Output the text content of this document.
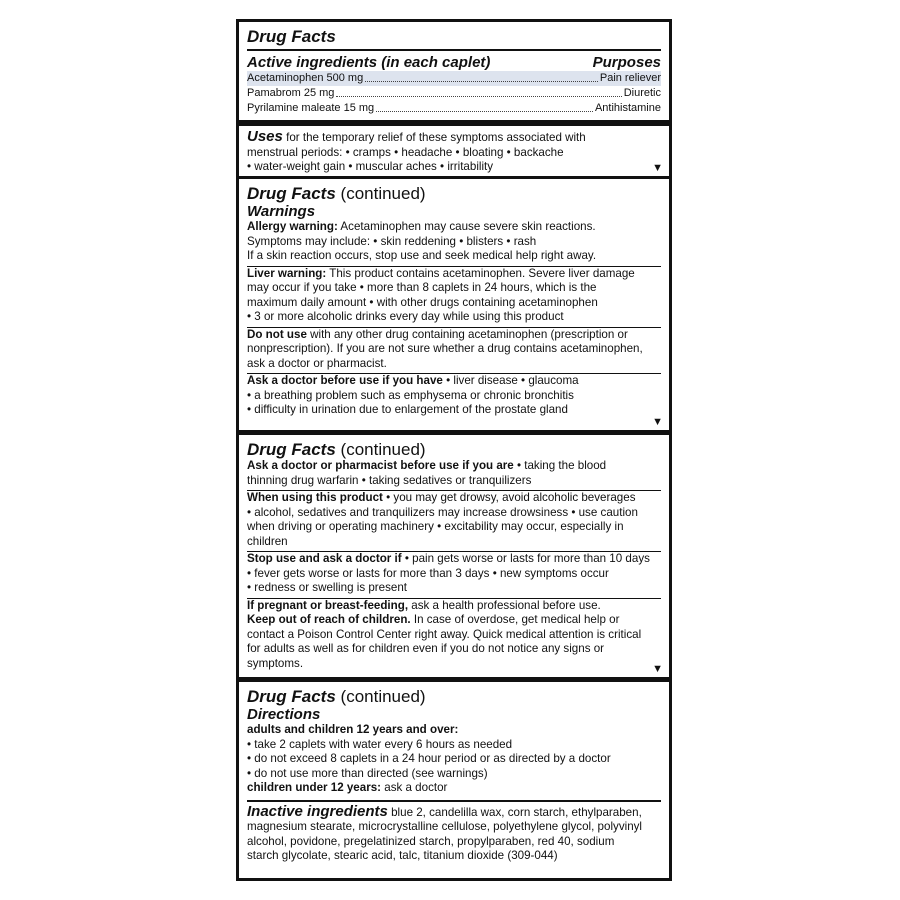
Drug Facts
Active ingredients (in each caplet)	Purposes
Acetaminophen 500 mg	Pain reliever
Pamabrom 25 mg	Diuretic
Pyrilamine maleate 15 mg	Antihistamine
Uses for the temporary relief of these symptoms associated with
menstrual periods: • cramps • headache • bloating • backache
• water-weight gain • muscular aches • irritability	▼
Drug Facts (continued)
Warnings
Allergy warning: Acetaminophen may cause severe skin reactions.
Symptoms may include: • skin reddening • blisters • rash
If a skin reaction occurs, stop use and seek medical help right away.
Liver warning: This product contains acetaminophen. Severe liver damage
may occur if you take • more than 8 caplets in 24 hours, which is the
maximum daily amount • with other drugs containing acetaminophen
• 3 or more alcoholic drinks every day while using this product
Do not use with any other drug containing acetaminophen (prescription or
nonprescription). If you are not sure whether a drug contains acetaminophen,
ask a doctor or pharmacist.
Ask a doctor before use if you have • liver disease • glaucoma
• a breathing problem such as emphysema or chronic bronchitis
• difficulty in urination due to enlargement of the prostate gland
▼
Drug Facts (continued)
Ask a doctor or pharmacist before use if you are • taking the blood
thinning drug warfarin • taking sedatives or tranquilizers
When using this product • you may get drowsy, avoid alcoholic beverages
• alcohol, sedatives and tranquilizers may increase drowsiness • use caution
when driving or operating machinery • excitability may occur, especially in
children
Stop use and ask a doctor if • pain gets worse or lasts for more than 10 days
• fever gets worse or lasts for more than 3 days • new symptoms occur
• redness or swelling is present
If pregnant or breast-feeding, ask a health professional before use.
Keep out of reach of children. In case of overdose, get medical help or
contact a Poison Control Center right away. Quick medical attention is critical
for adults as well as for children even if you do not notice any signs or
symptoms.	▼
Drug Facts (continued)
Directions
adults and children 12 years and over:
• take 2 caplets with water every 6 hours as needed
• do not exceed 8 caplets in a 24 hour period or as directed by a doctor
• do not use more than directed (see warnings)
children under 12 years: ask a doctor
Inactive ingredients blue 2, candelilla wax, corn starch, ethylparaben,
magnesium stearate, microcrystalline cellulose, polyethylene glycol, polyvinyl
alcohol, povidone, pregelatinized starch, propylparaben, red 40, sodium
starch glycolate, stearic acid, talc, titanium dioxide (309-044)
